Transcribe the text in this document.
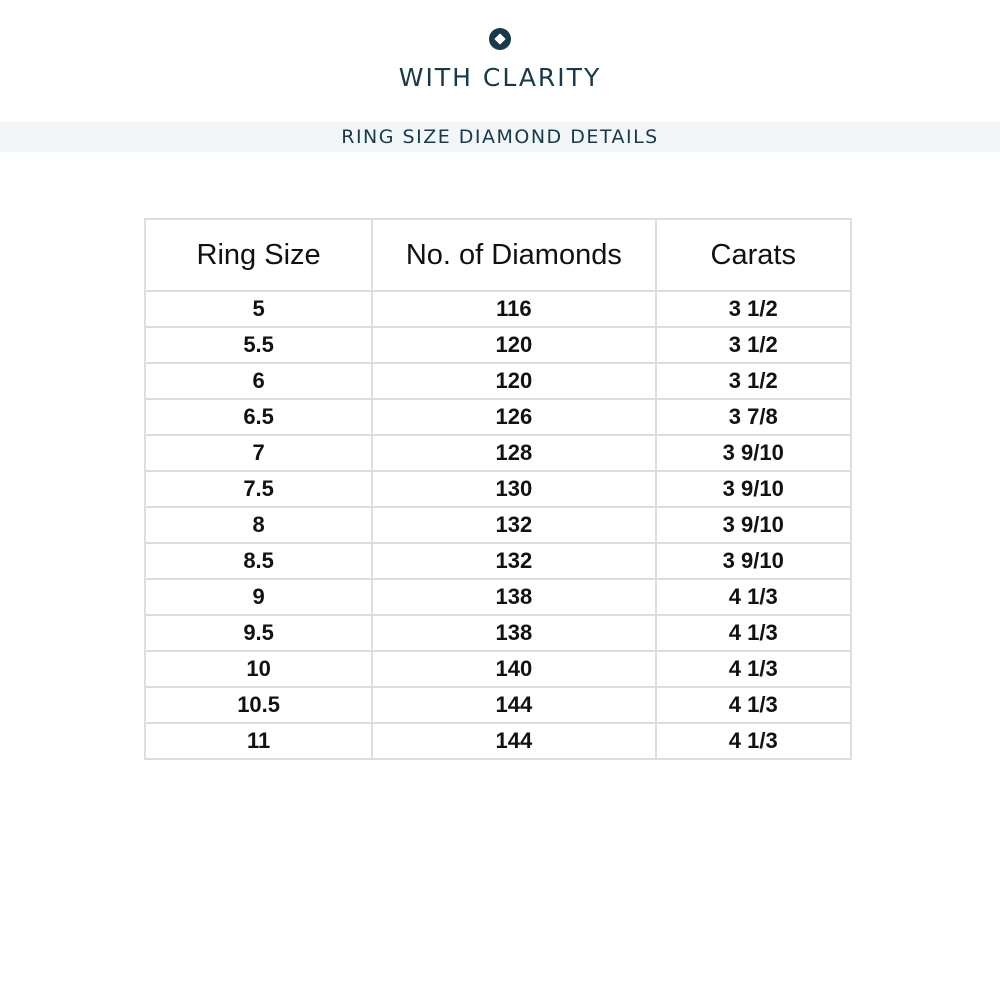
WITH CLARITY
RING SIZE DIAMOND DETAILS
Ring Size	No. of Diamonds	Carats
5	116	3 1/2
5.5	120	3 1/2
6	120	3 1/2
6.5	126	3 7/8
7	128	3 9/10
7.5	130	3 9/10
8	132	3 9/10
8.5	132	3 9/10
9	138	4 1/3
9.5	138	4 1/3
10	140	4 1/3
10.5	144	4 1/3
11	144	4 1/3
